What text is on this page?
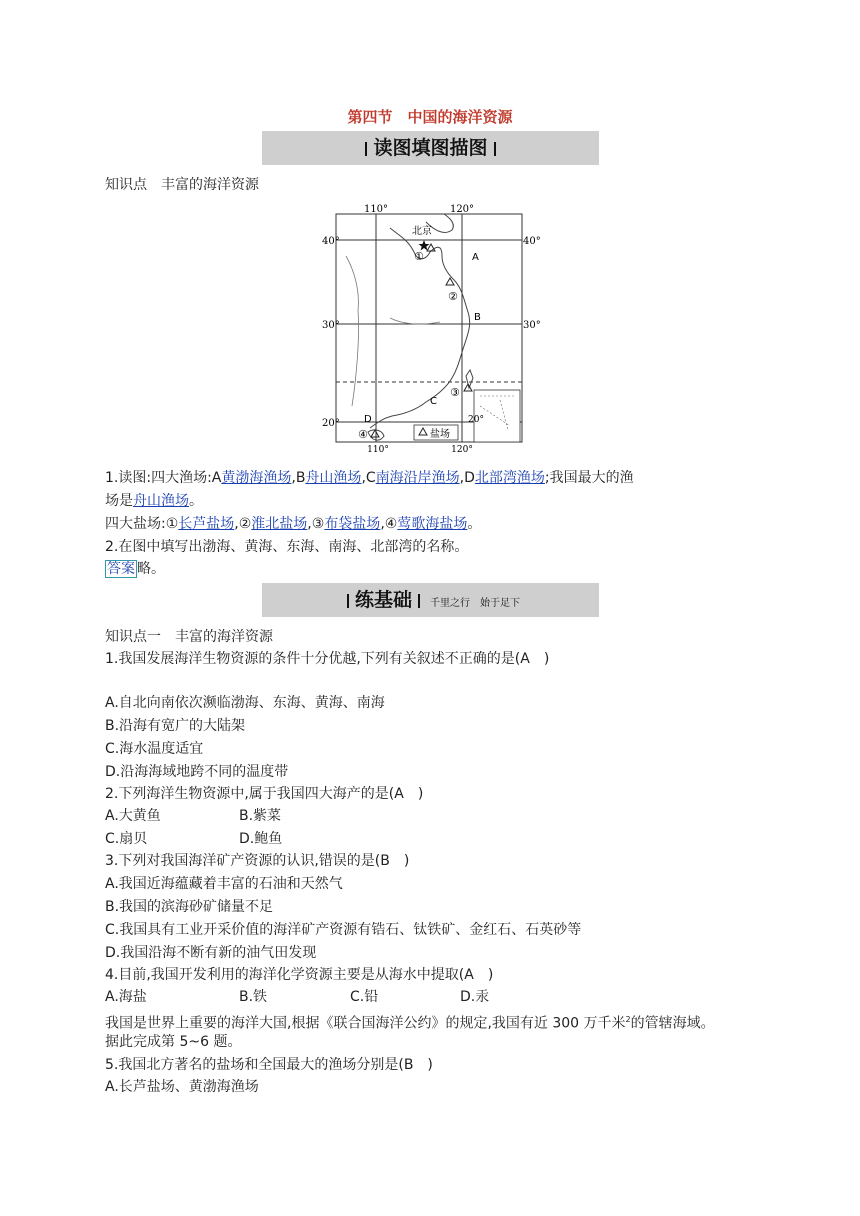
第四节　中国的海洋资源
读图填图描图
知识点　丰富的海洋资源
110°	120°
40°	40°
30°	30°
20°	20°
北京
A
B
C
D
①
②
③
④	盐场
110°	120°
1.读图:四大渔场:A黄渤海渔场,B舟山渔场,C南海沿岸渔场,D北部湾渔场;我国最大的渔
场是舟山渔场。
四大盐场:①长芦盐场,②淮北盐场,③布袋盐场,④莺歌海盐场。
2.在图中填写出渤海、黄海、东海、南海、北部湾的名称。
答案 略。
练基础 千里之行　始于足下
知识点一　丰富的海洋资源
1.我国发展海洋生物资源的条件十分优越,下列有关叙述不正确的是(A　)
A.自北向南依次濒临渤海、东海、黄海、南海
B.沿海有宽广的大陆架
C.海水温度适宜
D.沿海海域地跨不同的温度带
2.下列海洋生物资源中,属于我国四大海产的是(A　)
A.大黄鱼	B.紫菜
C.扇贝	D.鲍鱼
3.下列对我国海洋矿产资源的认识,错误的是(B　)
A.我国近海蕴藏着丰富的石油和天然气
B.我国的滨海砂矿储量不足
C.我国具有工业开采价值的海洋矿产资源有锆石、钛铁矿、金红石、石英砂等
D.我国沿海不断有新的油气田发现
4.目前,我国开发利用的海洋化学资源主要是从海水中提取(A　)
A.海盐	B.铁	C.铅	D.汞
我国是世界上重要的海洋大国,根据《联合国海洋公约》的规定,我国有近 300 万千米$^2$的管辖海域。
据此完成第 5~6 题。
5.我国北方著名的盐场和全国最大的渔场分别是(B　)
A.长芦盐场、黄渤海渔场
